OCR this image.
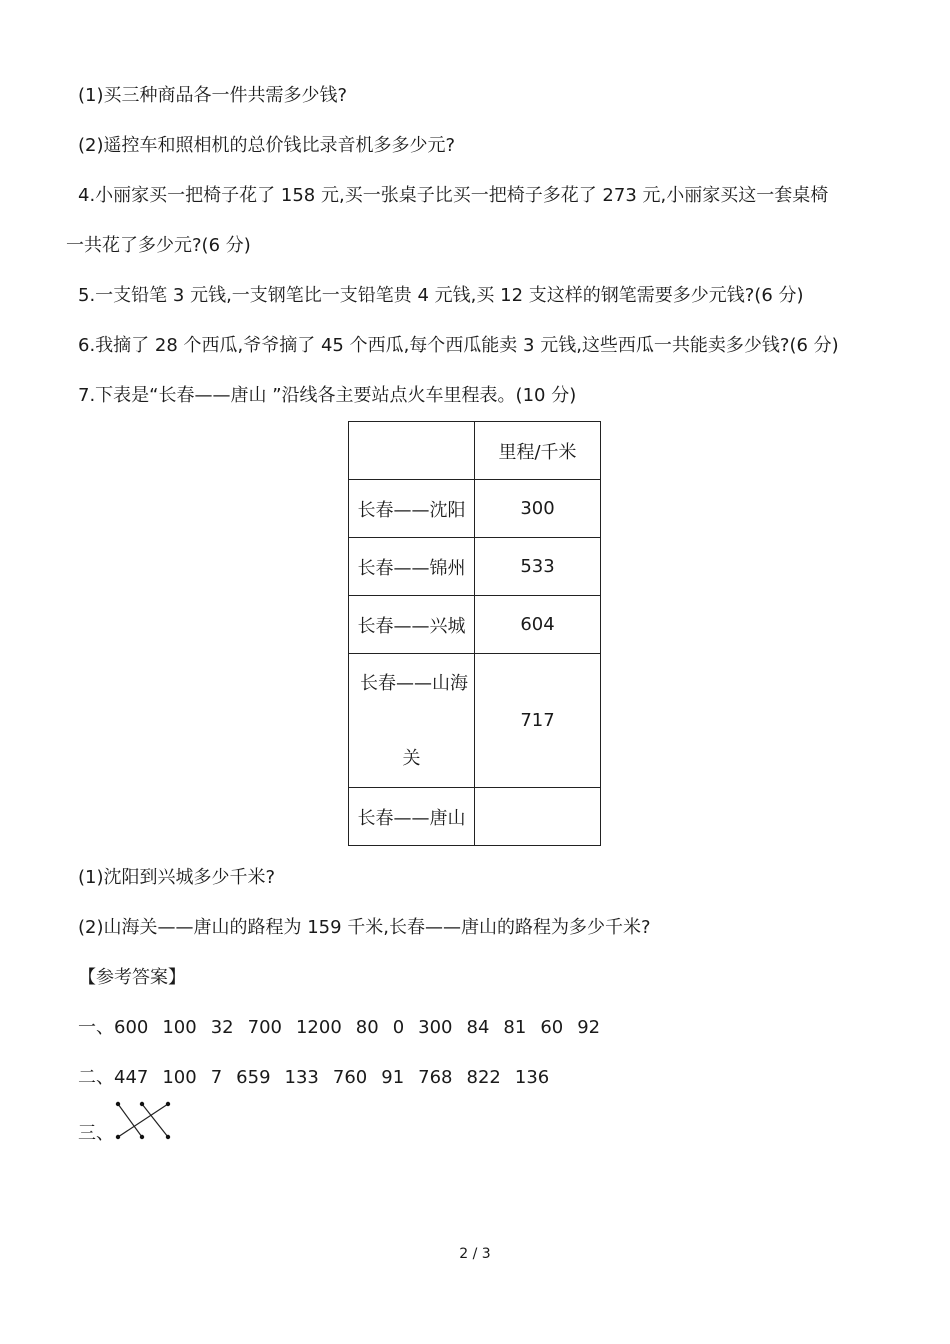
(1)买三种商品各一件共需多少钱?
(2)遥控车和照相机的总价钱比录音机多多少元?
4.小丽家买一把椅子花了 158 元,买一张桌子比买一把椅子多花了 273 元,小丽家买这一套桌椅
一共花了多少元?(6 分)
5.一支铅笔 3 元钱,一支钢笔比一支铅笔贵 4 元钱,买 12 支这样的钢笔需要多少元钱?(6 分)
6.我摘了 28 个西瓜,爷爷摘了 45 个西瓜,每个西瓜能卖 3 元钱,这些西瓜一共能卖多少钱?(6 分)
7.下表是“长春——唐山 ”沿线各主要站点火车里程表。(10 分)
	里程/千米
长春——沈阳	300
长春——锦州	533
长春——兴城	604

长春——山海
关	717
长春——唐山	
(1)沈阳到兴城多少千米?
(2)山海关——唐山的路程为 159 千米,长春——唐山的路程为多少千米?
【参考答案】
一、600 100 32 700 1200 80 0 300 84 81 60 92
二、447 100 7 659 133 760 91 768 822 136
三、
2 / 3
